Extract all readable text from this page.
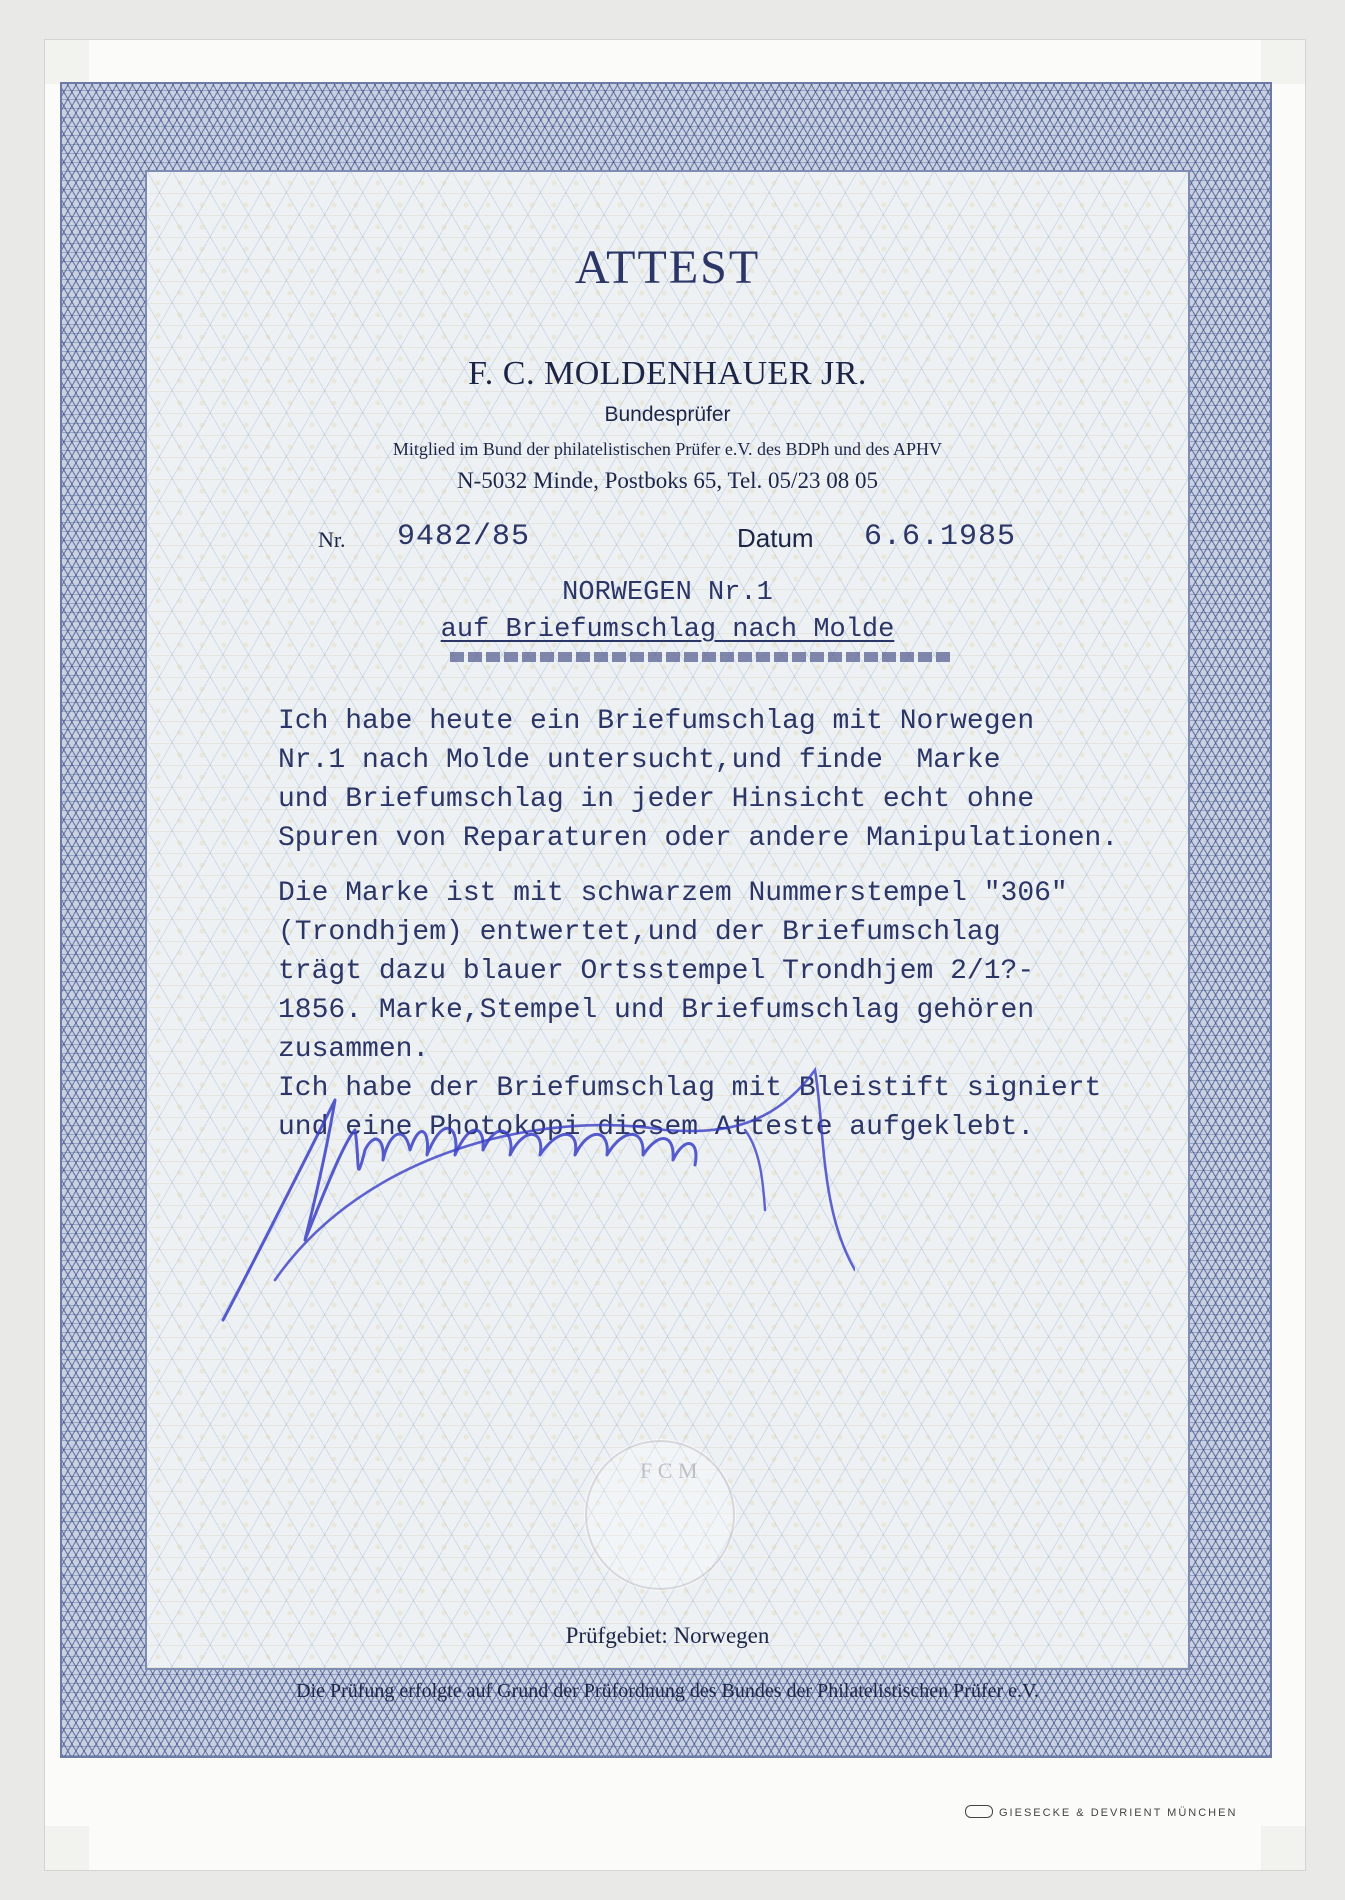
ATTEST
F. C. MOLDENHAUER JR.
Bundesprüfer
Mitglied im Bund der philatelistischen Prüfer e.V. des BDPh und des APHV
N-5032 Minde, Postboks 65, Tel. 05/23 08 05
Nr. 9482/85	Datum 6.6.1985
NORWEGEN Nr.1
auf Briefumschlag nach Molde
Ich habe heute ein Briefumschlag mit Norwegen
Nr.1 nach Molde untersucht,und finde  Marke
und Briefumschlag in jeder Hinsicht echt ohne
Spuren von Reparaturen oder andere Manipulationen.
Die Marke ist mit schwarzem Nummerstempel "306"
(Trondhjem) entwertet,und der Briefumschlag
trägt dazu blauer Ortsstempel Trondhjem 2/1?-
1856. Marke,Stempel und Briefumschlag gehören
zusammen.
Ich habe der Briefumschlag mit Bleistift signiert
und eine Photokopi diesem Atteste aufgeklebt.
F C M
Prüfgebiet: Norwegen
Die Prüfung erfolgte auf Grund der Prüfordnung des Bundes der Philatelistischen Prüfer e.V.
GIESECKE & DEVRIENT MÜNCHEN
